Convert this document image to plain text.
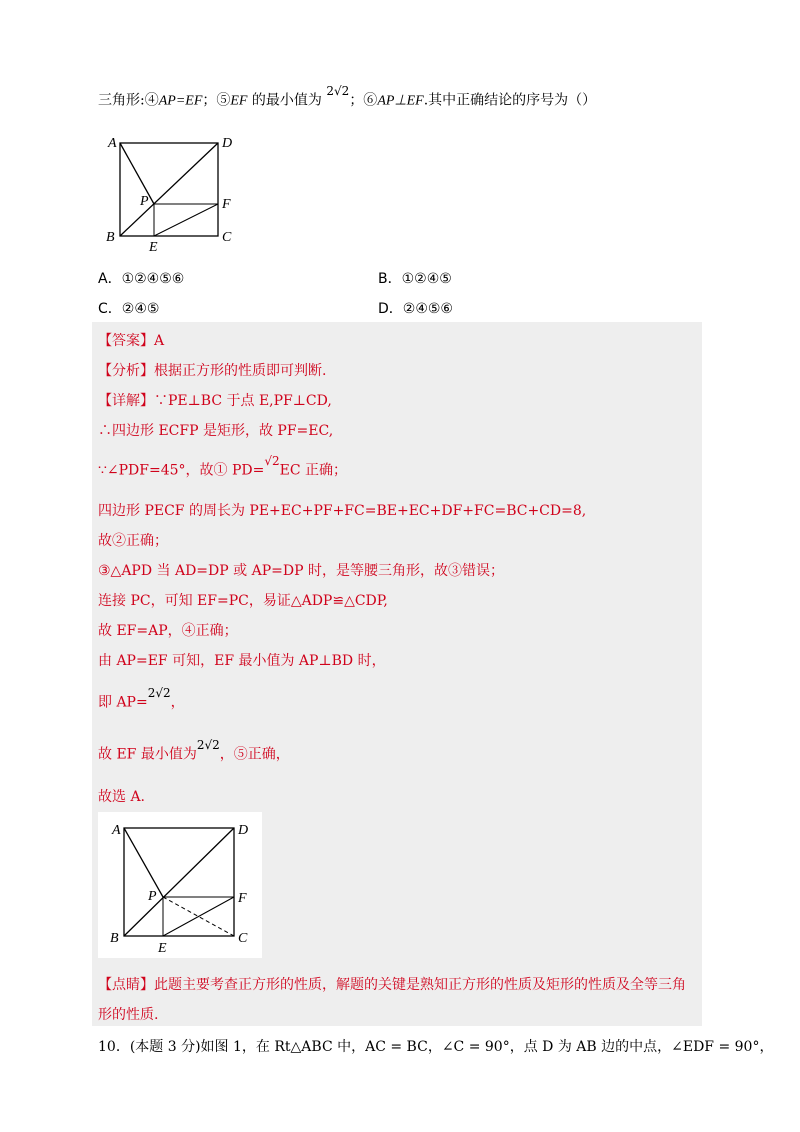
三角形:④AP=EF；⑤EF 的最小值为 $^{2√2}$；⑥AP⊥EF.其中正确结论的序号为（）
A	D
P	F
B
E
C
A．①②④⑤⑥	B．①②④⑤
C．②④⑤	D．②④⑤⑥
【答案】A
【分析】根据正方形的性质即可判断.
【详解】∵PE⊥BC 于点 E,PF⊥CD,
∴四边形 ECFP 是矩形，故 PF=EC,
∵∠PDF=45°，故① PD=$^{√2}$EC 正确；
四边形 PECF 的周长为 PE+EC+PF+FC=BE+EC+DF+FC=BC+CD=8,
故②正确；
③△APD 当 AD=DP 或 AP=DP 时，是等腰三角形，故③错误；
连接 PC，可知 EF=PC，易证△ADP≌△CDP,
故 EF=AP，④正确；
由 AP=EF 可知，EF 最小值为 AP⊥BD 时，
即 AP=$^{2√2}$，
故 EF 最小值为$^{2√2}$，⑤正确，
故选 A.
A	D
P	F
B
E
C
【点睛】此题主要考查正方形的性质，解题的关键是熟知正方形的性质及矩形的性质及全等三角
形的性质.
10．(本题 3 分)如图 1，在 Rt△ABC 中，AC = BC，∠C = 90°，点 D 为 AB 边的中点，∠EDF = 90°，
